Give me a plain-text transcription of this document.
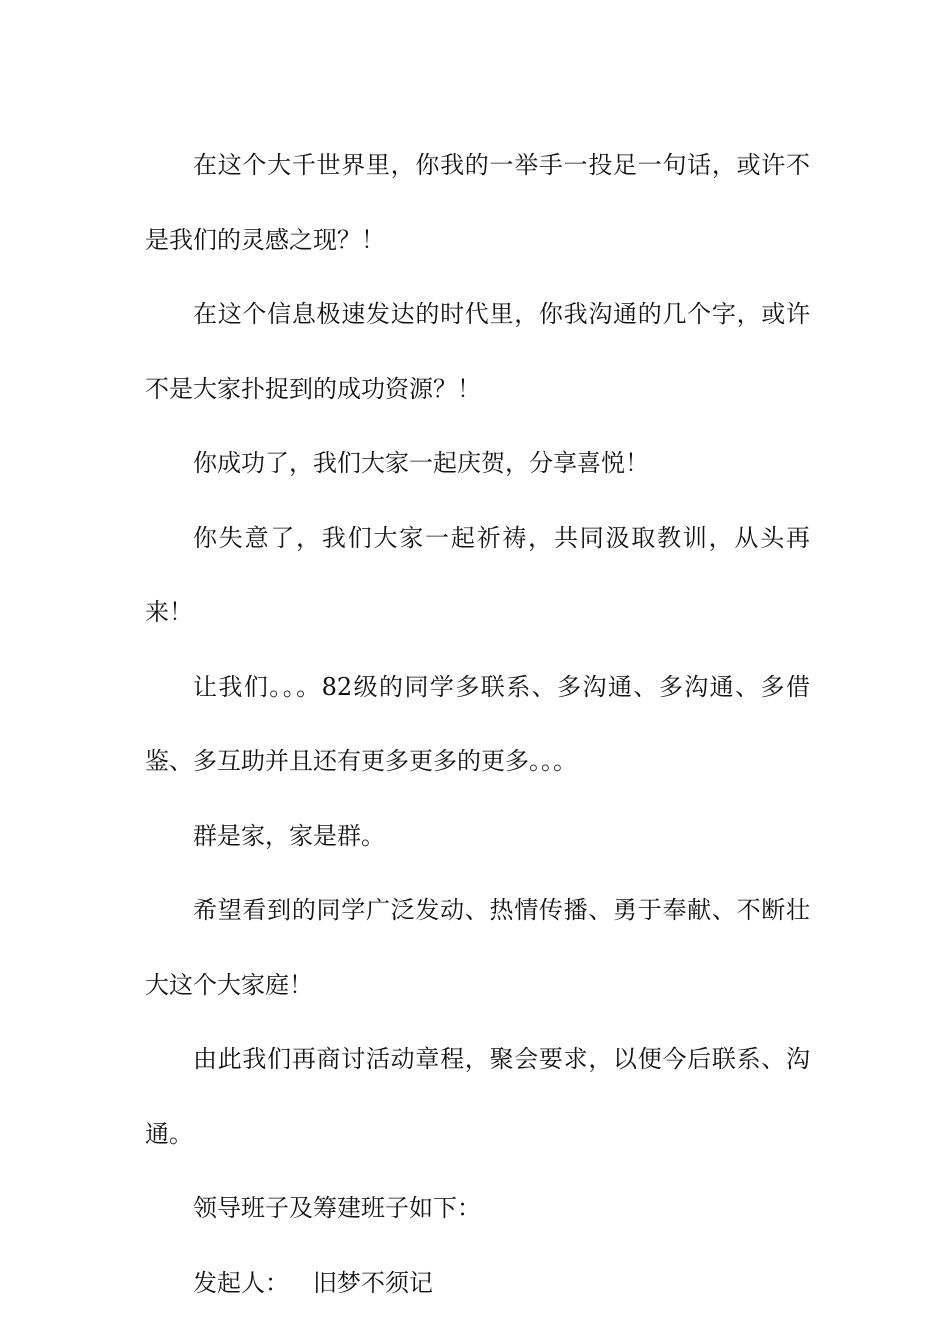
在这个大千世界里，你我的一举手一投足一句话，或许不是我们的灵感之现？！

在这个信息极速发达的时代里，你我沟通的几个字，或许不是大家扑捉到的成功资源？！

你成功了，我们大家一起庆贺，分享喜悦！

你失意了，我们大家一起祈祷，共同汲取教训，从头再来！

让我们。。。82级的同学多联系、多沟通、多沟通、多借鉴、多互助并且还有更多更多的更多。。。

群是家，家是群。

希望看到的同学广泛发动、热情传播、勇于奉献、不断壮大这个大家庭！

由此我们再商讨活动章程，聚会要求，以便今后联系、沟通。

领导班子及筹建班子如下：

发起人： 旧梦不须记
